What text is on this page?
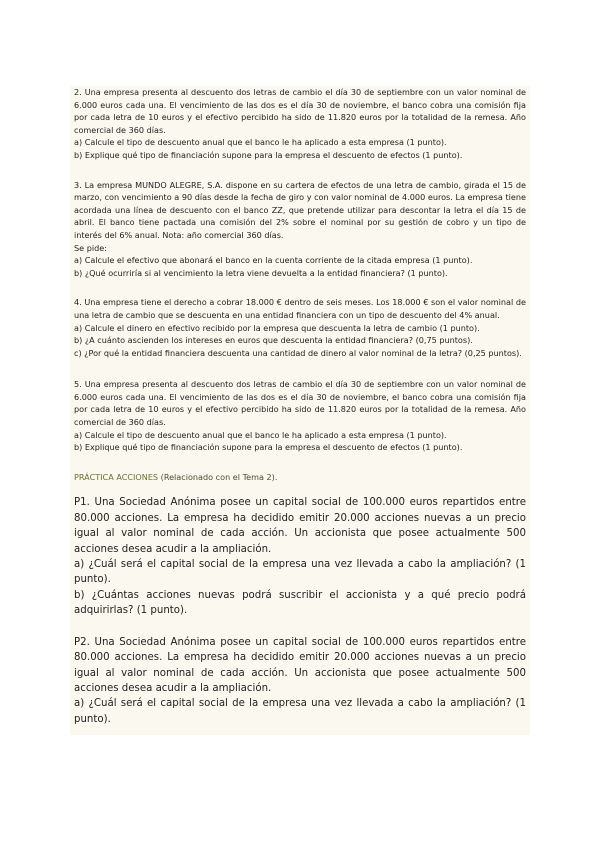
2. Una empresa presenta al descuento dos letras de cambio el día 30 de septiembre con un valor nominal de 6.000 euros cada una. El vencimiento de las dos es el día 30 de noviembre, el banco cobra una comisión fija por cada letra de 10 euros y el efectivo percibido ha sido de 11.820 euros por la totalidad de la remesa. Año comercial de 360 días.

a) Calcule el tipo de descuento anual que el banco le ha aplicado a esta empresa (1 punto).

b) Explique qué tipo de financiación supone para la empresa el descuento de efectos (1 punto).

3. La empresa MUNDO ALEGRE, S.A. dispone en su cartera de efectos de una letra de cambio, girada el 15 de marzo, con vencimiento a 90 días desde la fecha de giro y con valor nominal de 4.000 euros. La empresa tiene acordada una línea de descuento con el banco ZZ, que pretende utilizar para descontar la letra el día 15 de abril. El banco tiene pactada una comisión del 2% sobre el nominal por su gestión de cobro y un tipo de interés del 6% anual. Nota: año comercial 360 días.

Se pide:

a) Calcule el efectivo que abonará el banco en la cuenta corriente de la citada empresa (1 punto).

b) ¿Qué ocurriría si al vencimiento la letra viene devuelta a la entidad financiera? (1 punto).

4. Una empresa tiene el derecho a cobrar 18.000 € dentro de seis meses. Los 18.000 € son el valor nominal de una letra de cambio que se descuenta en una entidad financiera con un tipo de descuento del 4% anual.

a) Calcule el dinero en efectivo recibido por la empresa que descuenta la letra de cambio (1 punto).

b) ¿A cuánto ascienden los intereses en euros que descuenta la entidad financiera? (0,75 puntos).

c) ¿Por qué la entidad financiera descuenta una cantidad de dinero al valor nominal de la letra? (0,25 puntos).

5. Una empresa presenta al descuento dos letras de cambio el día 30 de septiembre con un valor nominal de 6.000 euros cada una. El vencimiento de las dos es el día 30 de noviembre, el banco cobra una comisión fija por cada letra de 10 euros y el efectivo percibido ha sido de 11.820 euros por la totalidad de la remesa. Año comercial de 360 días.

a) Calcule el tipo de descuento anual que el banco le ha aplicado a esta empresa (1 punto).

b) Explique qué tipo de financiación supone para la empresa el descuento de efectos (1 punto).

PRÁCTICA ACCIONES (Relacionado con el Tema 2).

P1. Una Sociedad Anónima posee un capital social de 100.000 euros repartidos entre 80.000 acciones. La empresa ha decidido emitir 20.000 acciones nuevas a un precio igual al valor nominal de cada acción. Un accionista que posee actualmente 500 acciones desea acudir a la ampliación.

a) ¿Cuál será el capital social de la empresa una vez llevada a cabo la ampliación? (1 punto).

b) ¿Cuántas acciones nuevas podrá suscribir el accionista y a qué precio podrá adquirirlas? (1 punto).

P2. Una Sociedad Anónima posee un capital social de 100.000 euros repartidos entre 80.000 acciones. La empresa ha decidido emitir 20.000 acciones nuevas a un precio igual al valor nominal de cada acción. Un accionista que posee actualmente 500 acciones desea acudir a la ampliación.

a) ¿Cuál será el capital social de la empresa una vez llevada a cabo la ampliación? (1 punto).
